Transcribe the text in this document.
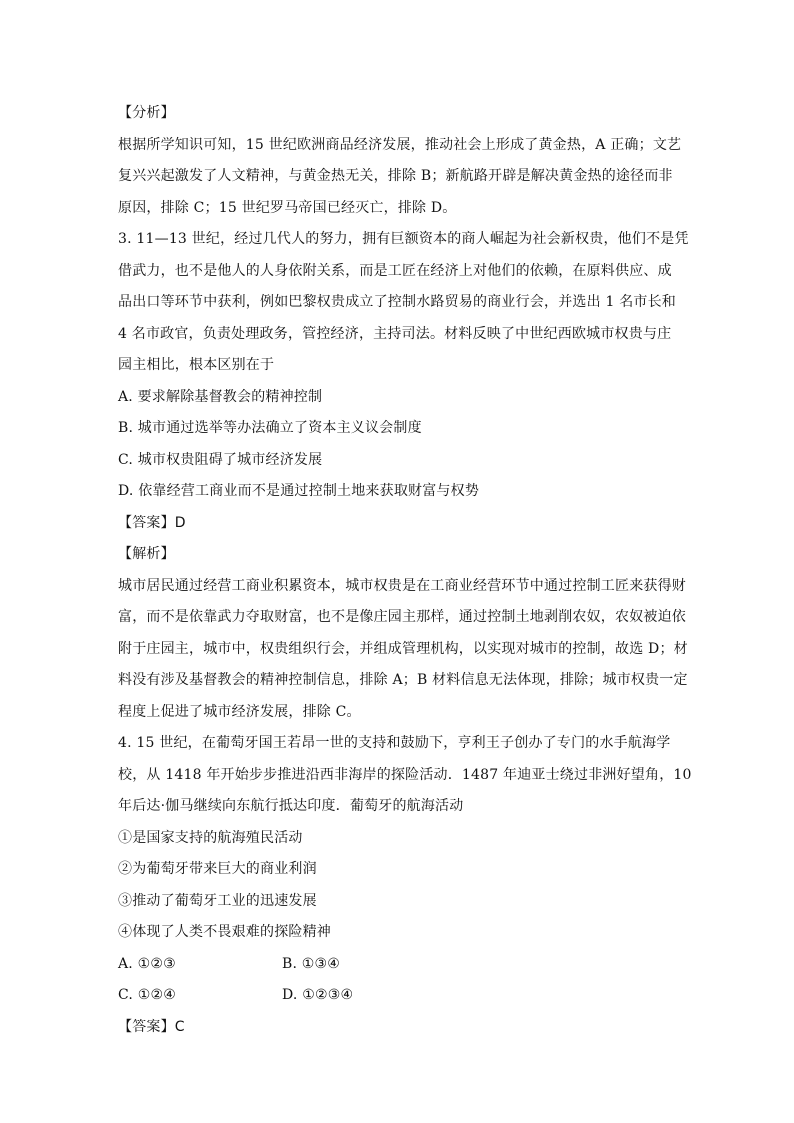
【分析】

根据所学知识可知，15 世纪欧洲商品经济发展，推动社会上形成了黄金热，A 正确；文艺

复兴兴起激发了人文精神，与黄金热无关，排除 B；新航路开辟是解决黄金热的途径而非

原因，排除 C；15 世纪罗马帝国已经灭亡，排除 D。

3. 11—13 世纪，经过几代人的努力，拥有巨额资本的商人崛起为社会新权贵，他们不是凭

借武力，也不是他人的人身依附关系，而是工匠在经济上对他们的依赖，在原料供应、成

品出口等环节中获利，例如巴黎权贵成立了控制水路贸易的商业行会，并选出 1 名市长和

4 名市政官，负责处理政务，管控经济，主持司法。材料反映了中世纪西欧城市权贵与庄

园主相比，根本区别在于

A. 要求解除基督教会的精神控制

B. 城市通过选举等办法确立了资本主义议会制度

C. 城市权贵阻碍了城市经济发展

D. 依靠经营工商业而不是通过控制土地来获取财富与权势

【答案】D

【解析】

城市居民通过经营工商业积累资本，城市权贵是在工商业经营环节中通过控制工匠来获得财

富，而不是依靠武力夺取财富，也不是像庄园主那样，通过控制土地剥削农奴，农奴被迫依

附于庄园主，城市中，权贵组织行会，并组成管理机构，以实现对城市的控制，故选 D；材

料没有涉及基督教会的精神控制信息，排除 A；B 材料信息无法体现，排除；城市权贵一定

程度上促进了城市经济发展，排除 C。

4. 15 世纪，在葡萄牙国王若昂一世的支持和鼓励下，亨利王子创办了专门的水手航海学

校，从 1418 年开始步步推进沿西非海岸的探险活动．1487 年迪亚士绕过非洲好望角，10

年后达·伽马继续向东航行抵达印度．葡萄牙的航海活动

①是国家支持的航海殖民活动

②为葡萄牙带来巨大的商业利润

③推动了葡萄牙工业的迅速发展

④体现了人类不畏艰难的探险精神

A. ①②③	B. ①③④

C. ①②④	D. ①②③④

【答案】C
